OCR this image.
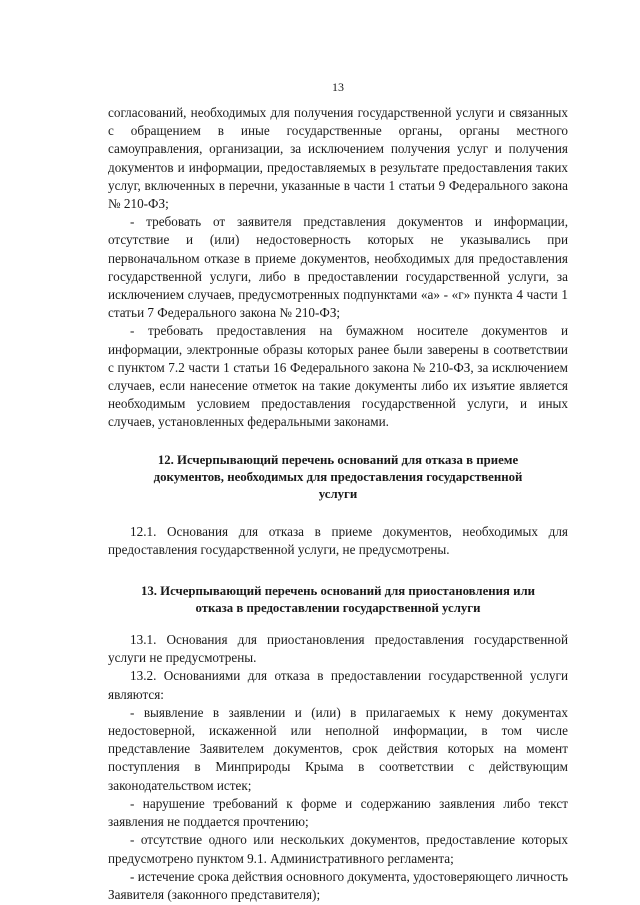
13

согласований, необходимых для получения государственной услуги и связанных с обращением в иные государственные органы, органы местного самоуправления, организации, за исключением получения услуг и получения документов и информации, предоставляемых в результате предоставления таких услуг, включенных в перечни, указанные в части 1 статьи 9 Федерального закона № 210-ФЗ;

- требовать от заявителя представления документов и информации, отсутствие и (или) недостоверность которых не указывались при первоначальном отказе в приеме документов, необходимых для предоставления государственной услуги, либо в предоставлении государственной услуги, за исключением случаев, предусмотренных подпунктами «а» - «г» пункта 4 части 1 статьи 7 Федерального закона № 210-ФЗ;

- требовать предоставления на бумажном носителе документов и информации, электронные образы которых ранее были заверены в соответствии с пунктом 7.2 части 1 статьи 16 Федерального закона № 210-ФЗ, за исключением случаев, если нанесение отметок на такие документы либо их изъятие является необходимым условием предоставления государственной услуги, и иных случаев, установленных федеральными законами.

12. Исчерпывающий перечень оснований для отказа в приеме документов, необходимых для предоставления государственной услуги

12.1. Основания для отказа в приеме документов, необходимых для предоставления государственной услуги, не предусмотрены.

13. Исчерпывающий перечень оснований для приостановления или отказа в предоставлении государственной услуги

13.1. Основания для приостановления предоставления государственной услуги не предусмотрены.

13.2. Основаниями для отказа в предоставлении государственной услуги являются:

- выявление в заявлении и (или) в прилагаемых к нему документах недостоверной, искаженной или неполной информации, в том числе представление Заявителем документов, срок действия которых на момент поступления в Минприроды Крыма в соответствии с действующим законодательством истек;

- нарушение требований к форме и содержанию заявления либо текст заявления не поддается прочтению;

- отсутствие одного или нескольких документов, предоставление которых предусмотрено пунктом 9.1. Административного регламента;

- истечение срока действия основного документа, удостоверяющего личность Заявителя (законного представителя);
